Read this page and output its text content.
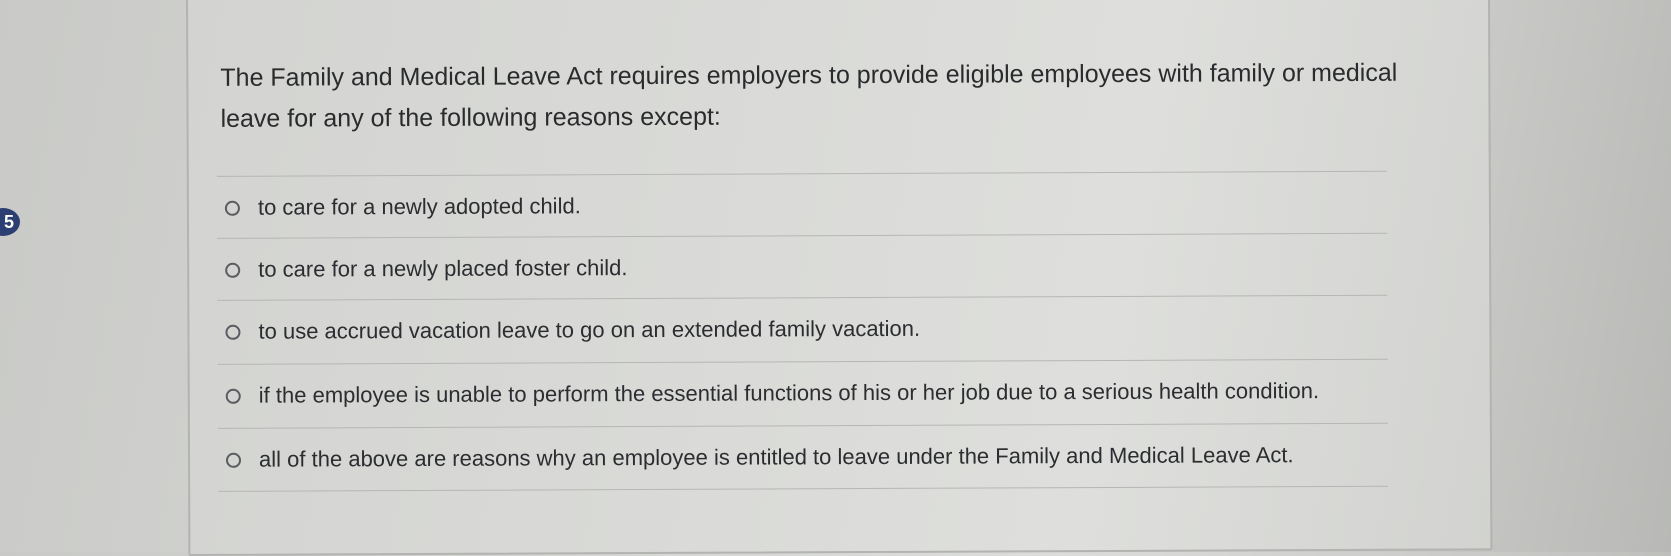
5
The Family and Medical Leave Act requires employers to provide eligible employees with family or medical leave for any of the following reasons except:
to care for a newly adopted child.
to care for a newly placed foster child.
to use accrued vacation leave to go on an extended family vacation.
if the employee is unable to perform the essential functions of his or her job due to a serious health condition.
all of the above are reasons why an employee is entitled to leave under the Family and Medical Leave Act.
